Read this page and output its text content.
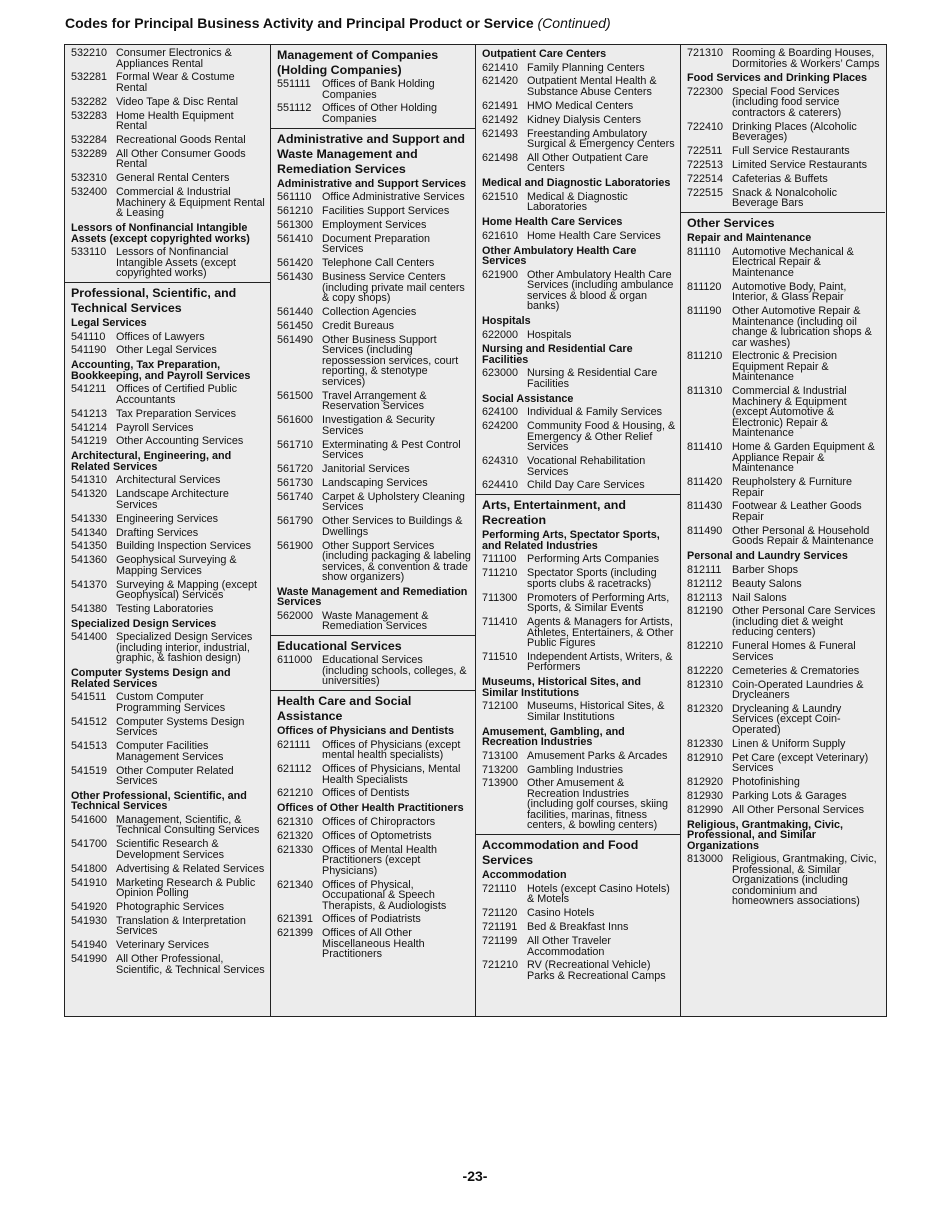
Codes for Principal Business Activity and Principal Product or Service (Continued)
532210 Consumer Electronics & Appliances Rental
532281 Formal Wear & Costume Rental
532282 Video Tape & Disc Rental
532283 Home Health Equipment Rental
532284 Recreational Goods Rental
532289 All Other Consumer Goods Rental
532310 General Rental Centers
532400 Commercial & Industrial Machinery & Equipment Rental & Leasing
Lessors of Nonfinancial Intangible Assets (except copyrighted works)
533110 Lessors of Nonfinancial Intangible Assets (except copyrighted works)
Professional, Scientific, and Technical Services
Legal Services
541110 Offices of Lawyers
541190 Other Legal Services
Accounting, Tax Preparation, Bookkeeping, and Payroll Services
541211 Offices of Certified Public Accountants
541213 Tax Preparation Services
541214 Payroll Services
541219 Other Accounting Services
Architectural, Engineering, and Related Services
541310 Architectural Services
541320 Landscape Architecture Services
541330 Engineering Services
541340 Drafting Services
541350 Building Inspection Services
541360 Geophysical Surveying & Mapping Services
541370 Surveying & Mapping (except Geophysical) Services
541380 Testing Laboratories
Specialized Design Services
541400 Specialized Design Services (including interior, industrial, graphic, & fashion design)
Computer Systems Design and Related Services
541511 Custom Computer Programming Services
541512 Computer Systems Design Services
541513 Computer Facilities Management Services
541519 Other Computer Related Services
Other Professional, Scientific, and Technical Services
541600 Management, Scientific, & Technical Consulting Services
541700 Scientific Research & Development Services
541800 Advertising & Related Services
541910 Marketing Research & Public Opinion Polling
541920 Photographic Services
541930 Translation & Interpretation Services
541940 Veterinary Services
541990 All Other Professional, Scientific, & Technical Services
Management of Companies (Holding Companies)
551111	Offices of Bank Holding Companies
551112 Offices of Other Holding Companies
Administrative and Support and Waste Management and Remediation Services
Administrative and Support Services
561110 Office Administrative Services
561210 Facilities Support Services
561300 Employment Services
561410 Document Preparation Services
561420 Telephone Call Centers
561430 Business Service Centers (including private mail centers & copy shops)
561440 Collection Agencies
561450 Credit Bureaus
561490 Other Business Support Services (including repossession services, court reporting, & stenotype services)
561500 Travel Arrangement & Reservation Services
561600 Investigation & Security Services
561710 Exterminating & Pest Control Services
561720 Janitorial Services
561730 Landscaping Services
561740 Carpet & Upholstery Cleaning Services
561790 Other Services to Buildings & Dwellings
561900 Other Support Services (including packaging & labeling services, & convention & trade show organizers)
Waste Management and Remediation Services
562000 Waste Management & Remediation Services
Educational Services
611000 Educational Services (including schools, colleges, & universities)
Health Care and Social Assistance
Offices of Physicians and Dentists
621111	Offices of Physicians (except mental health specialists)
621112 Offices of Physicians, Mental Health Specialists
621210 Offices of Dentists
Offices of Other Health Practitioners
621310 Offices of Chiropractors
621320 Offices of Optometrists
621330 Offices of Mental Health Practitioners (except Physicians)
621340 Offices of Physical, Occupational & Speech Therapists, & Audiologists
621391 Offices of Podiatrists
621399 Offices of All Other Miscellaneous Health Practitioners
Outpatient Care Centers
621410 Family Planning Centers
621420 Outpatient Mental Health & Substance Abuse Centers
621491 HMO Medical Centers
621492 Kidney Dialysis Centers
621493 Freestanding Ambulatory Surgical & Emergency Centers
621498 All Other Outpatient Care Centers
Medical and Diagnostic Laboratories
621510 Medical & Diagnostic Laboratories
Home Health Care Services
621610 Home Health Care Services
Other Ambulatory Health Care Services
621900 Other Ambulatory Health Care Services (including ambulance services & blood & organ banks)
Hospitals
622000 Hospitals
Nursing and Residential Care Facilities
623000 Nursing & Residential Care Facilities
Social Assistance
624100 Individual & Family Services
624200 Community Food & Housing, & Emergency & Other Relief Services
624310 Vocational Rehabilitation Services
624410 Child Day Care Services
Arts, Entertainment, and Recreation
Performing Arts, Spectator Sports, and Related Industries
711100 Performing Arts Companies
711210 Spectator Sports (including sports clubs & racetracks)
711300 Promoters of Performing Arts, Sports, & Similar Events
711410 Agents & Managers for Artists, Athletes, Entertainers, & Other Public Figures
711510 Independent Artists, Writers, & Performers
Museums, Historical Sites, and Similar Institutions
712100 Museums, Historical Sites, & Similar Institutions
Amusement, Gambling, and Recreation Industries
713100 Amusement Parks & Arcades
713200 Gambling Industries
713900 Other Amusement & Recreation Industries (including golf courses, skiing facilities, marinas, fitness centers, & bowling centers)
Accommodation and Food Services
Accommodation
721110 Hotels (except Casino Hotels) & Motels
721120 Casino Hotels
721191 Bed & Breakfast Inns
721199 All Other Traveler Accommodation
721210 RV (Recreational Vehicle) Parks & Recreational Camps
721310 Rooming & Boarding Houses, Dormitories & Workers’ Camps
Food Services and Drinking Places
722300 Special Food Services (including food service contractors & caterers)
722410 Drinking Places (Alcoholic Beverages)
722511 Full Service Restaurants
722513 Limited Service Restaurants
722514 Cafeterias & Buffets
722515 Snack & Nonalcoholic Beverage Bars
Other Services
Repair and Maintenance
811110	Automotive Mechanical & Electrical Repair & Maintenance
811120 Automotive Body, Paint, Interior, & Glass Repair
811190 Other Automotive Repair & Maintenance (including oil change & lubrication shops & car washes)
811210 Electronic & Precision Equipment Repair & Maintenance
811310 Commercial & Industrial Machinery & Equipment (except Automotive & Electronic) Repair & Maintenance
811410 Home & Garden Equipment & Appliance Repair & Maintenance
811420 Reupholstery & Furniture Repair
811430 Footwear & Leather Goods Repair
811490 Other Personal & Household Goods Repair & Maintenance
Personal and Laundry Services
812111 Barber Shops
812112 Beauty Salons
812113 Nail Salons
812190 Other Personal Care Services (including diet & weight reducing centers)
812210 Funeral Homes & Funeral Services
812220 Cemeteries & Crematories
812310 Coin-Operated Laundries & Drycleaners
812320 Drycleaning & Laundry Services (except Coin-Operated)
812330 Linen & Uniform Supply
812910 Pet Care (except Veterinary) Services
812920 Photofinishing
812930 Parking Lots & Garages
812990 All Other Personal Services
Religious, Grantmaking, Civic, Professional, and Similar Organizations
813000 Religious, Grantmaking, Civic, Professional, & Similar Organizations (including condominium and homeowners associations)
-23-
